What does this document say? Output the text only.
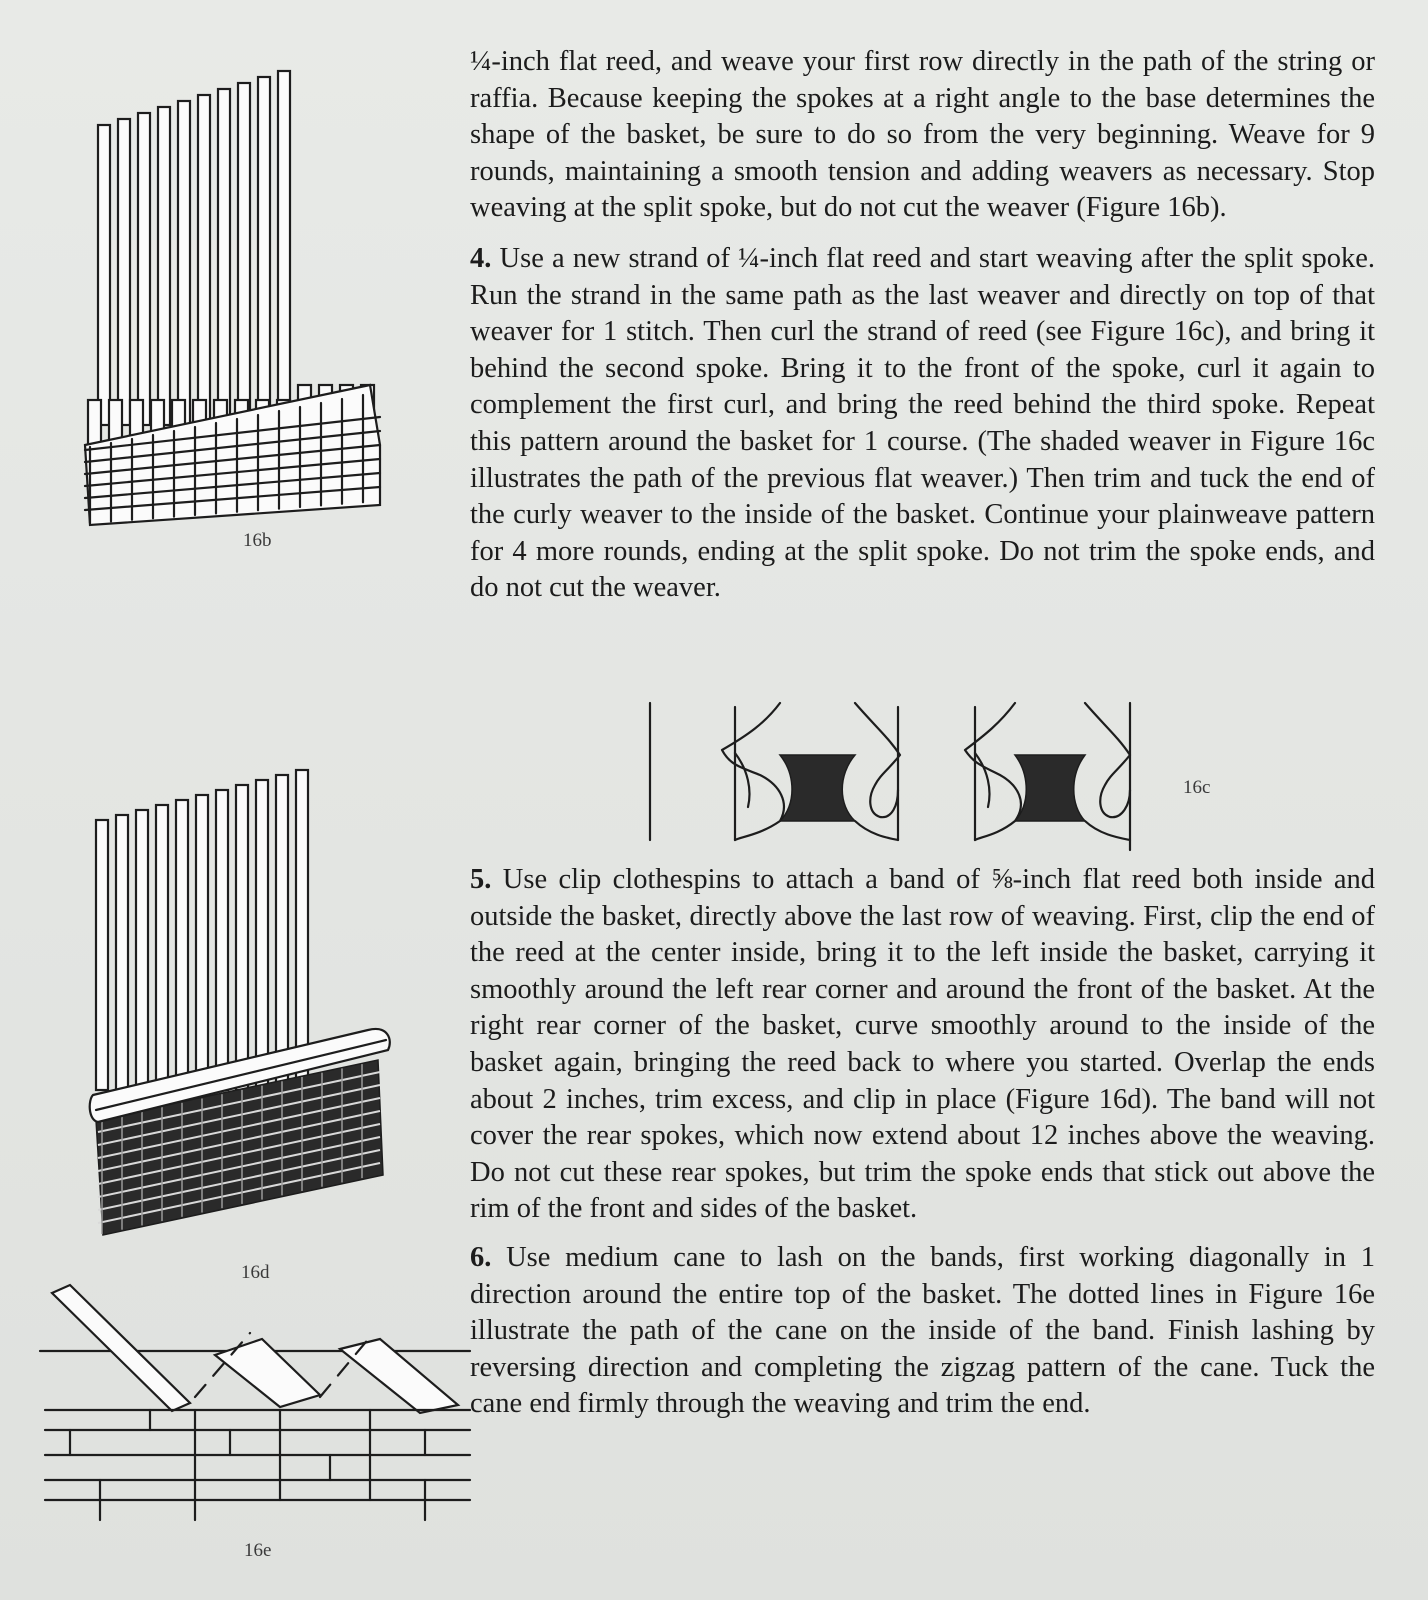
16b
16c
16d
16e

¼-inch flat reed, and weave your first row directly in the path of the string or raffia. Because keeping the spokes at a right angle to the base determines the shape of the basket, be sure to do so from the very beginning. Weave for 9 rounds, maintaining a smooth tension and adding weavers as necessary. Stop weaving at the split spoke, but do not cut the weaver (Figure 16b).

4. Use a new strand of ¼-inch flat reed and start weaving after the split spoke. Run the strand in the same path as the last weaver and directly on top of that weaver for 1 stitch. Then curl the strand of reed (see Figure 16c), and bring it behind the second spoke. Bring it to the front of the spoke, curl it again to complement the first curl, and bring the reed behind the third spoke. Repeat this pattern around the basket for 1 course. (The shaded weaver in Figure 16c illustrates the path of the previous flat weaver.) Then trim and tuck the end of the curly weaver to the inside of the basket. Continue your plainweave pattern for 4 more rounds, ending at the split spoke. Do not trim the spoke ends, and do not cut the weaver.

5. Use clip clothespins to attach a band of ⅝-inch flat reed both inside and outside the basket, directly above the last row of weaving. First, clip the end of the reed at the center inside, bring it to the left inside the basket, carrying it smoothly around the left rear corner and around the front of the basket. At the right rear corner of the basket, curve smoothly around to the inside of the basket again, bringing the reed back to where you started. Overlap the ends about 2 inches, trim excess, and clip in place (Figure 16d). The band will not cover the rear spokes, which now extend about 12 inches above the weaving. Do not cut these rear spokes, but trim the spoke ends that stick out above the rim of the front and sides of the basket.

6. Use medium cane to lash on the bands, first working diagonally in 1 direction around the entire top of the basket. The dotted lines in Figure 16e illustrate the path of the cane on the inside of the band. Finish lashing by reversing direction and completing the zigzag pattern of the cane. Tuck the cane end firmly through the weaving and trim the end.
